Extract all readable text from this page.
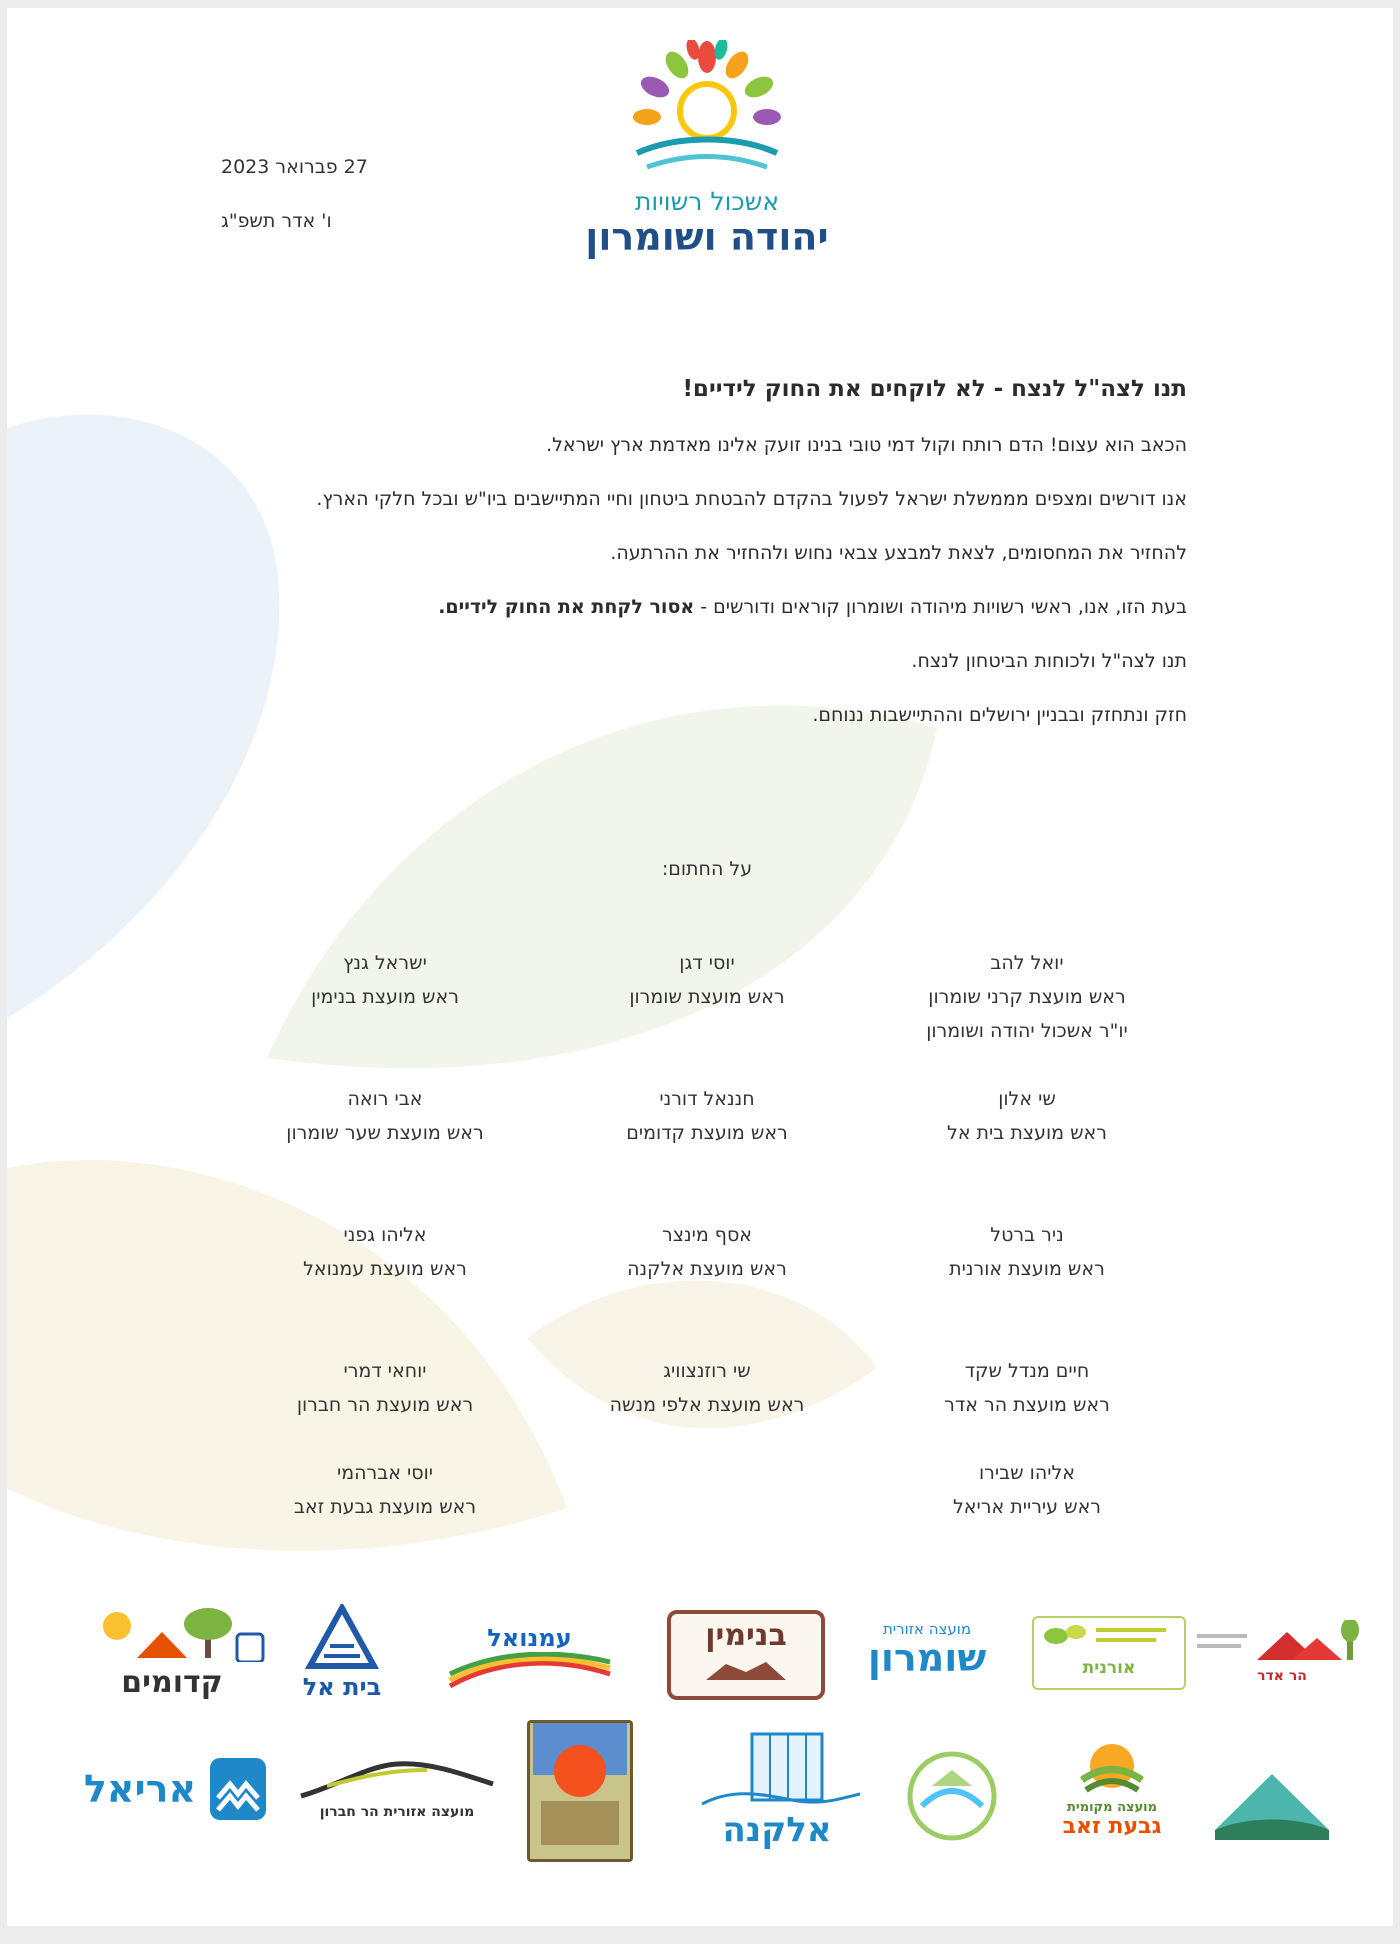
אשכול רשויות
יהודה ושומרון
27 פברואר 2023
ו' אדר תשפ"ג
תנו לצה"ל לנצח - לא לוקחים את החוק לידיים!

הכאב הוא עצום! הדם רותח וקול דמי טובי בנינו זועק אלינו מאדמת ארץ ישראל.

אנו דורשים ומצפים מממשלת ישראל לפעול בהקדם להבטחת ביטחון וחיי המתיישבים ביו"ש ובכל חלקי הארץ.

להחזיר את המחסומים, לצאת למבצע צבאי נחוש ולהחזיר את ההרתעה.

בעת הזו, אנו, ראשי רשויות מיהודה ושומרון קוראים ודורשים - אסור לקחת את החוק לידיים.

תנו לצה"ל ולכוחות הביטחון לנצח.

חזק ונתחזק ובבניין ירושלים וההתיישבות ננוחם.

על החתום:
יוסי דגן
ראש מועצת שומרון
ישראל גנץ
ראש מועצת בנימין
יואל להב
ראש מועצת קרני שומרון
יו"ר אשכול יהודה ושומרון
שי אלון
ראש מועצת בית אל
חננאל דורני
ראש מועצת קדומים
אבי רואה
ראש מועצת שער שומרון
ניר ברטל
ראש מועצת אורנית
אסף מינצר
ראש מועצת אלקנה
אליהו גפני
ראש מועצת עמנואל
חיים מנדל שקד
ראש מועצת הר אדר
שי רוזנצוויג
ראש מועצת אלפי מנשה
יוחאי דמרי
ראש מועצת הר חברון
אליהו שבירו
ראש עיריית אריאל
יוסי אברהמי
ראש מועצת גבעת זאב
הר אדר
אורנית
מועצה אזורית
שומרון
בנימין
עמנואל
בית אל
קדומים
מועצה מקומית
גבעת זאב
אלקנה
מועצה אזורית הר חברון
אריאל
